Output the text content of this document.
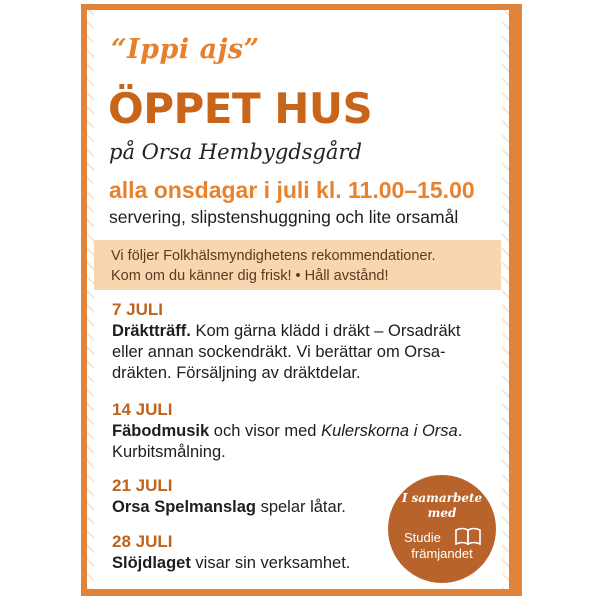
“Ippi ajs”
ÖPPET HUS
på Orsa Hembygdsgård
alla onsdagar i juli kl. 11.00–15.00
servering, slipstenshuggning och lite orsamål
Vi följer Folkhälsmyndighetens rekommendationer.
Kom om du känner dig frisk! • Håll avstånd!
7 JULI
Dräktträff. Kom gärna klädd i dräkt – Orsadräkt
eller annan sockendräkt. Vi berättar om Orsa-
dräkten. Försäljning av dräktdelar.
14 JULI
Fäbodmusik och visor med Kulerskorna i Orsa.
Kurbitsmålning.
21 JULI
Orsa Spelmanslag spelar låtar.
28 JULI
Slöjdlaget visar sin verksamhet.
I samarbete
med
Studie
främjandet
